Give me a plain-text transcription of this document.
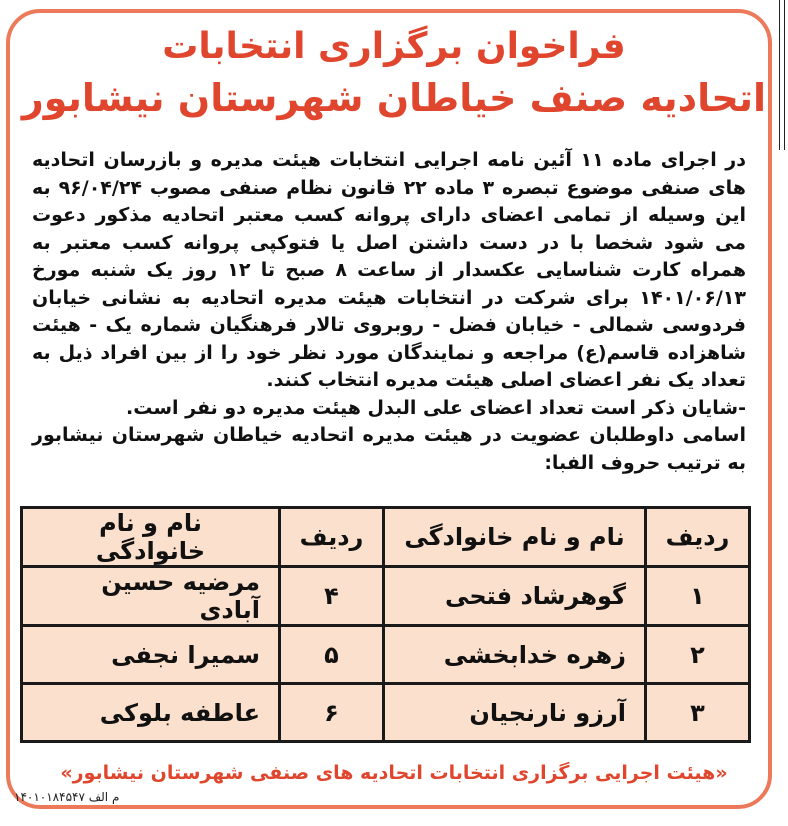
فراخوان برگزاری انتخابات
اتحادیه صنف خیاطان شهرستان نیشابور

در اجرای ماده ۱۱ آئین نامه اجرایی انتخابات هیئت مدیره و بازرسان اتحادیه های صنفی موضوع تبصره ۳ ماده ۲۲ قانون نظام صنفی مصوب ۹۶/۰۴/۲۴ به این وسیله از تمامی اعضای دارای پروانه کسب معتبر اتحادیه مذکور دعوت می شود شخصا با در دست داشتن اصل یا فتوکپی پروانه کسب معتبر به همراه کارت شناسایی عکسدار از ساعت ۸ صبح تا ۱۲ روز یک شنبه مورخ ۱۴۰۱/۰۶/۱۳ برای شرکت در انتخابات هیئت مدیره اتحادیه به نشانی خیابان فردوسی شمالی - خیابان فضل - روبروی تالار فرهنگیان شماره یک - هیئت شاهزاده قاسم(ع) مراجعه و نمایندگان مورد نظر خود را از بین افراد ذیل به تعداد یک نفر اعضای اصلی هیئت مدیره انتخاب کنند.

-شایان ذکر است تعداد اعضای علی البدل هیئت مدیره دو نفر است.

اسامی داوطلبان عضویت در هیئت مدیره اتحادیه خیاطان شهرستان نیشابور به ترتیب حروف الفبا:

ردیف	نام و نام خانوادگی	ردیف	نام و نام خانوادگی
۱	گوهرشاد فتحی	۴	مرضیه حسین آبادی
۲	زهره خدابخشی	۵	سمیرا نجفی
۳	آرزو نارنجیان	۶	عاطفه بلوکی
«هیئت اجرایی برگزاری انتخابات اتحادیه های صنفی شهرستان نیشابور»
م الف ۱۴۰۱۰۱۸۴۵۴۷
